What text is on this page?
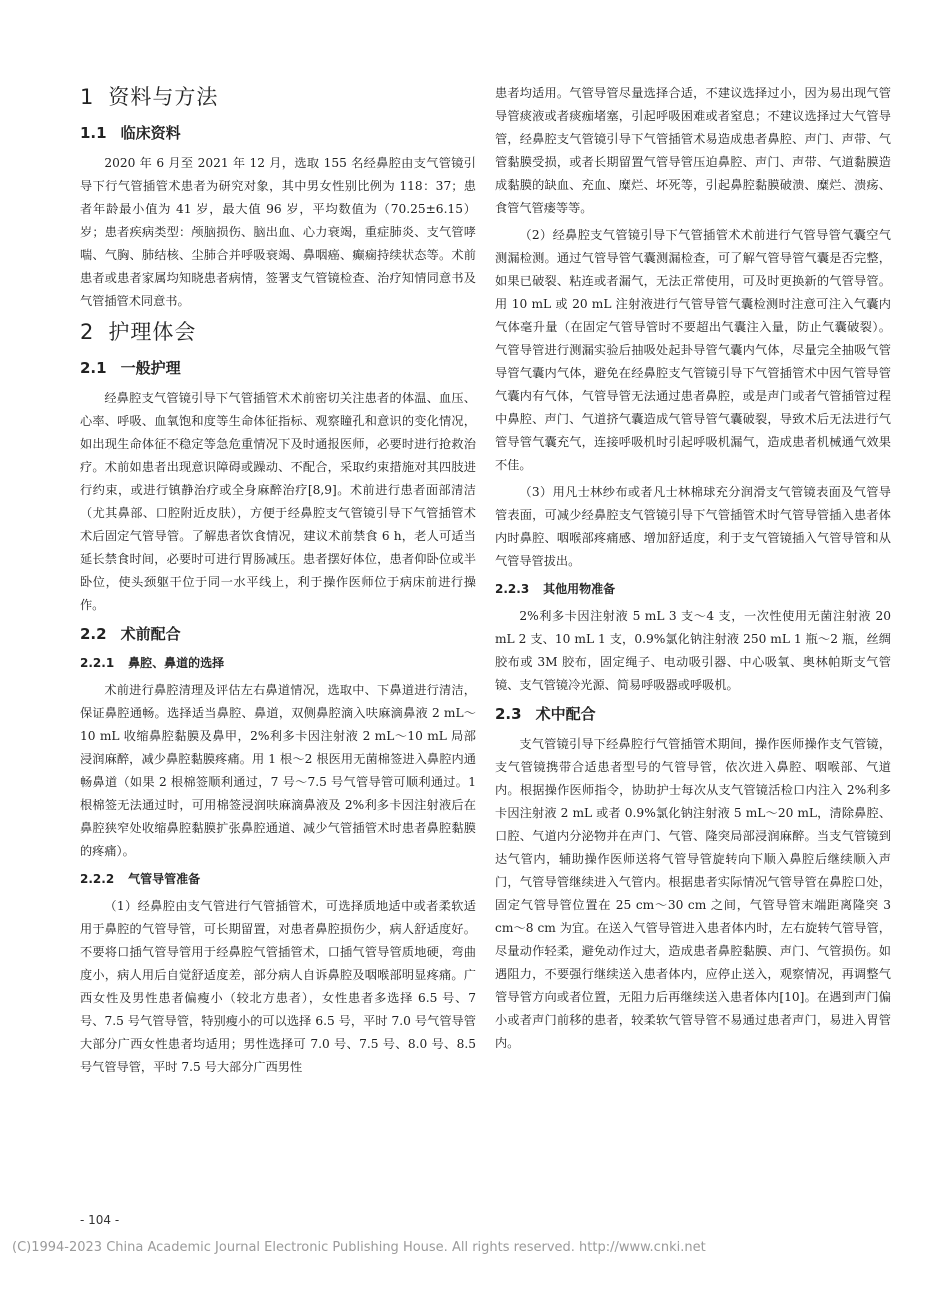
1 资料与方法
1.1 临床资料

2020 年 6 月至 2021 年 12 月，选取 155 名经鼻腔由支气管镜引导下行气管插管术患者为研究对象，其中男女性别比例为 118：37；患者年龄最小值为 41 岁，最大值 96 岁，平均数值为（70.25±6.15）岁；患者疾病类型：颅脑损伤、脑出血、心力衰竭，重症肺炎、支气管哮喘、气胸、肺结核、尘肺合并呼吸衰竭、鼻咽癌、癫痫持续状态等。术前患者或患者家属均知晓患者病情，签署支气管镜检查、治疗知情同意书及气管插管术同意书。

2 护理体会
2.1 一般护理

经鼻腔支气管镜引导下气管插管术术前密切关注患者的体温、血压、心率、呼吸、血氧饱和度等生命体征指标、观察瞳孔和意识的变化情况，如出现生命体征不稳定等急危重情况下及时通报医师，必要时进行抢救治疗。术前如患者出现意识障碍或躁动、不配合，采取约束措施对其四肢进行约束，或进行镇静治疗或全身麻醉治疗[8,9]。术前进行患者面部清洁（尤其鼻部、口腔附近皮肤），方便于经鼻腔支气管镜引导下气管插管术术后固定气管导管。了解患者饮食情况，建议术前禁食 6 h，老人可适当延长禁食时间，必要时可进行胃肠减压。患者摆好体位，患者仰卧位或半卧位，使头颈躯干位于同一水平线上，利于操作医师位于病床前进行操作。

2.2 术前配合
2.2.1 鼻腔、鼻道的选择

术前进行鼻腔清理及评估左右鼻道情况，选取中、下鼻道进行清洁，保证鼻腔通畅。选择适当鼻腔、鼻道，双侧鼻腔滴入呋麻滴鼻液 2 mL～10 mL 收缩鼻腔黏膜及鼻甲，2%利多卡因注射液 2 mL～10 mL 局部浸润麻醉，减少鼻腔黏膜疼痛。用 1 根～2 根医用无菌棉签进入鼻腔内通畅鼻道（如果 2 根棉签顺利通过，7 号～7.5 号气管导管可顺利通过。1 根棉签无法通过时，可用棉签浸润呋麻滴鼻液及 2%利多卡因注射液后在鼻腔狭窄处收缩鼻腔黏膜扩张鼻腔通道、减少气管插管术时患者鼻腔黏膜的疼痛）。

2.2.2 气管导管准备

（1）经鼻腔由支气管进行气管插管术，可选择质地适中或者柔软适用于鼻腔的气管导管，可长期留置，对患者鼻腔损伤少，病人舒适度好。不要将口插气管导管用于经鼻腔气管插管术，口插气管导管质地硬，弯曲度小，病人用后自觉舒适度差，部分病人自诉鼻腔及咽喉部明显疼痛。广西女性及男性患者偏瘦小（较北方患者），女性患者多选择 6.5 号、7 号、7.5 号气管导管，特别瘦小的可以选择 6.5 号，平时 7.0 号气管导管大部分广西女性患者均适用；男性选择可 7.0 号、7.5 号、8.0 号、8.5 号气管导管，平时 7.5 号大部分广西男性

患者均适用。气管导管尽量选择合适，不建议选择过小，因为易出现气管导管痰液或者痰痂堵塞，引起呼吸困难或者窒息；不建议选择过大气管导管，经鼻腔支气管镜引导下气管插管术易造成患者鼻腔、声门、声带、气管黏膜受损，或者长期留置气管导管压迫鼻腔、声门、声带、气道黏膜造成黏膜的缺血、充血、糜烂、坏死等，引起鼻腔黏膜破溃、糜烂、溃疡、食管气管瘘等等。

（2）经鼻腔支气管镜引导下气管插管术术前进行气管导管气囊空气测漏检测。通过气管导管气囊测漏检查，可了解气管导管气囊是否完整，如果已破裂、粘连或者漏气，无法正常使用，可及时更换新的气管导管。用 10 mL 或 20 mL 注射液进行气管导管气囊检测时注意可注入气囊内气体毫升量（在固定气管导管时不要超出气囊注入量，防止气囊破裂）。气管导管进行测漏实验后抽吸处起卦导管气囊内气体，尽量完全抽吸气管导管气囊内气体，避免在经鼻腔支气管镜引导下气管插管术中因气管导管气囊内有气体，气管导管无法通过患者鼻腔，或是声门或者气管插管过程中鼻腔、声门、气道挤气囊造成气管导管气囊破裂，导致术后无法进行气管导管气囊充气，连接呼吸机时引起呼吸机漏气，造成患者机械通气效果不佳。

（3）用凡士林纱布或者凡士林棉球充分润滑支气管镜表面及气管导管表面，可减少经鼻腔支气管镜引导下气管插管术时气管导管插入患者体内时鼻腔、咽喉部疼痛感、增加舒适度，利于支气管镜插入气管导管和从气管导管拔出。

2.2.3 其他用物准备

2%利多卡因注射液 5 mL 3 支～4 支，一次性使用无菌注射液 20 mL 2 支、10 mL 1 支，0.9%氯化钠注射液 250 mL 1 瓶～2 瓶，丝绸胶布或 3M 胶布，固定绳子、电动吸引器、中心吸氧、奥林帕斯支气管镜、支气管镜冷光源、简易呼吸器或呼吸机。

2.3 术中配合

支气管镜引导下经鼻腔行气管插管术期间，操作医师操作支气管镜，支气管镜携带合适患者型号的气管导管，依次进入鼻腔、咽喉部、气道内。根据操作医师指令，协助护士每次从支气管镜活检口内注入 2%利多卡因注射液 2 mL 或者 0.9%氯化钠注射液 5 mL～20 mL，清除鼻腔、口腔、气道内分泌物并在声门、气管、隆突局部浸润麻醉。当支气管镜到达气管内，辅助操作医师送将气管导管旋转向下顺入鼻腔后继续顺入声门，气管导管继续进入气管内。根据患者实际情况气管导管在鼻腔口处，固定气管导管位置在 25 cm～30 cm 之间，气管导管末端距离隆突 3 cm～8 cm 为宜。在送入气管导管进入患者体内时，左右旋转气管导管，尽量动作轻柔，避免动作过大，造成患者鼻腔黏膜、声门、气管损伤。如遇阻力，不要强行继续送入患者体内，应停止送入，观察情况，再调整气管导管方向或者位置，无阻力后再继续送入患者体内[10]。在遇到声门偏小或者声门前移的患者，较柔软气管导管不易通过患者声门，易进入胃管内。

- 104 -
(C)1994-2023 China Academic Journal Electronic Publishing House. All rights reserved. http://www.cnki.net
